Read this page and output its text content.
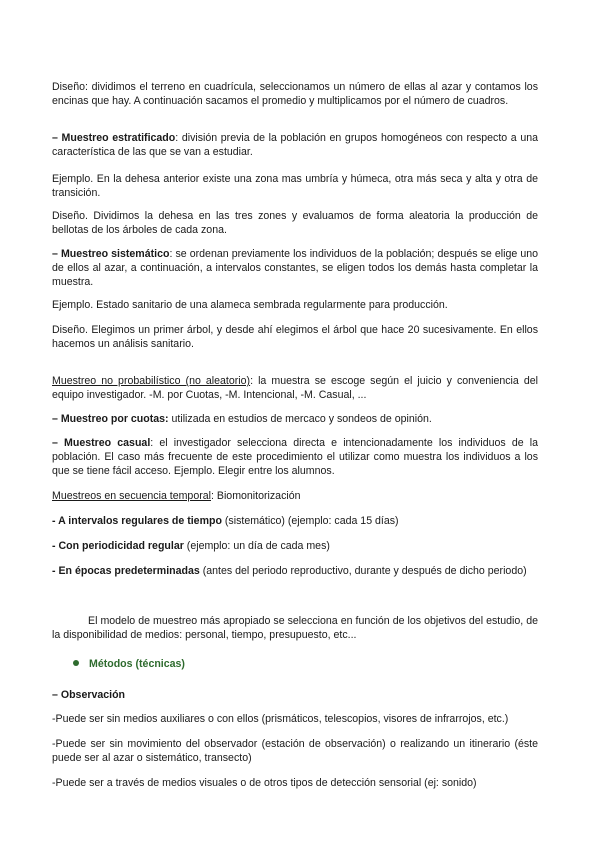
Diseño: dividimos el terreno en cuadrícula, seleccionamos un número de ellas al azar y contamos los encinas que hay. A continuación sacamos el promedio y multiplicamos por el número de cuadros.

– Muestreo estratificado: división previa de la población en grupos homogéneos con respecto a una característica de las que se van a estudiar.

Ejemplo. En la dehesa anterior existe una zona mas umbría y húmeca, otra más seca y alta y otra de transición.

Diseño. Dividimos la dehesa en las tres zones y evaluamos de forma aleatoria la producción de bellotas de los árboles de cada zona.

– Muestreo sistemático: se ordenan previamente los individuos de la población; después se elige uno de ellos al azar, a continuación, a intervalos constantes, se eligen todos los demás hasta completar la muestra.

Ejemplo. Estado sanitario de una alameca sembrada regularmente para producción.

Diseño. Elegimos un primer árbol, y desde ahí elegimos el árbol que hace 20 sucesivamente. En ellos hacemos un análisis sanitario.

Muestreo no probabilístico (no aleatorio): la muestra se escoge según el juicio y conveniencia del equipo investigador. -M. por Cuotas, -M. Intencional, -M. Casual, ...

– Muestreo por cuotas: utilizada en estudios de mercaco y sondeos de opinión.

– Muestreo casual: el investigador selecciona directa e intencionadamente los individuos de la población. El caso más frecuente de este procedimiento el utilizar como muestra los individuos a los que se tiene fácil acceso. Ejemplo. Elegir entre los alumnos.

Muestreos en secuencia temporal: Biomonitorización

- A intervalos regulares de tiempo (sistemático) (ejemplo: cada 15 días)

- Con periodicidad regular (ejemplo: un día de cada mes)

- En épocas predeterminadas (antes del periodo reproductivo, durante y después de dicho periodo)

El modelo de muestreo más apropiado se selecciona en función de los objetivos del estudio, de la disponibilidad de medios: personal, tiempo, presupuesto, etc...

Métodos (técnicas)

– Observación

-Puede ser sin medios auxiliares o con ellos (prismáticos, telescopios, visores de infrarrojos, etc.)

-Puede ser sin movimiento del observador (estación de observación) o realizando un itinerario (éste puede ser al azar o sistemático, transecto)

-Puede ser a través de medios visuales o de otros tipos de detección sensorial (ej: sonido)
